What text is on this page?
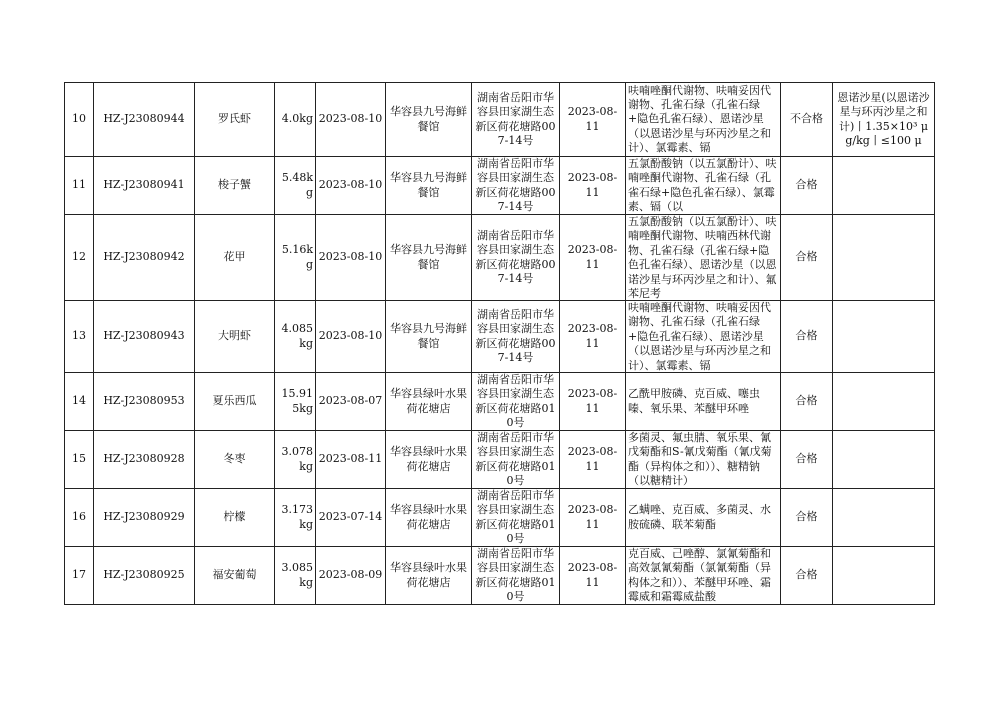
10	HZ-J23080944	罗氏虾	4.0kg	2023-08-10	华容县九号海鲜餐馆	湖南省岳阳市华容县田家湖生态新区荷花塘路007-14号	2023-08-11	呋喃唑酮代谢物、呋喃妥因代谢物、孔雀石绿（孔雀石绿+隐色孔雀石绿）、恩诺沙星（以恩诺沙星与环丙沙星之和计）、氯霉素、镉	不合格	恩诺沙星(以恩诺沙星与环丙沙星之和计)丨1.35×10³ μg/kg丨≤100 μ

11	HZ-J23080941	梭子蟹	5.48kg	2023-08-10	华容县九号海鲜餐馆	湖南省岳阳市华容县田家湖生态新区荷花塘路007-14号	2023-08-11	五氯酚酸钠（以五氯酚计）、呋喃唑酮代谢物、孔雀石绿（孔雀石绿+隐色孔雀石绿）、氯霉素、镉（以	合格	
12	HZ-J23080942	花甲	5.16kg	2023-08-10	华容县九号海鲜餐馆	湖南省岳阳市华容县田家湖生态新区荷花塘路007-14号	2023-08-11	五氯酚酸钠（以五氯酚计）、呋喃唑酮代谢物、呋喃西林代谢物、孔雀石绿（孔雀石绿+隐色孔雀石绿）、恩诺沙星（以恩诺沙星与环丙沙星之和计）、氟苯尼考	合格	
13	HZ-J23080943	大明虾	4.085kg	2023-08-10	华容县九号海鲜餐馆	湖南省岳阳市华容县田家湖生态新区荷花塘路007-14号	2023-08-11	呋喃唑酮代谢物、呋喃妥因代谢物、孔雀石绿（孔雀石绿+隐色孔雀石绿）、恩诺沙星（以恩诺沙星与环丙沙星之和计）、氯霉素、镉	合格	
14	HZ-J23080953	夏乐西瓜	15.915kg	2023-08-07	华容县绿叶水果荷花塘店	湖南省岳阳市华容县田家湖生态新区荷花塘路010号	2023-08-11	乙酰甲胺磷、克百威、噻虫嗪、氧乐果、苯醚甲环唑	合格	
15	HZ-J23080928	冬枣	3.078kg	2023-08-11	华容县绿叶水果荷花塘店	湖南省岳阳市华容县田家湖生态新区荷花塘路010号	2023-08-11	多菌灵、氟虫腈、氧乐果、氰戊菊酯和S-氰戊菊酯（氰戊菊酯（异构体之和））、糖精钠（以糖精计）	合格	
16	HZ-J23080929	柠檬	3.173kg	2023-07-14	华容县绿叶水果荷花塘店	湖南省岳阳市华容县田家湖生态新区荷花塘路010号	2023-08-11	乙螨唑、克百威、多菌灵、水胺硫磷、联苯菊酯	合格	
17	HZ-J23080925	福安葡萄	3.085kg	2023-08-09	华容县绿叶水果荷花塘店	湖南省岳阳市华容县田家湖生态新区荷花塘路010号	2023-08-11	克百威、己唑醇、氯氰菊酯和高效氯氰菊酯（氯氰菊酯（异构体之和））、苯醚甲环唑、霜霉威和霜霉威盐酸	合格	
